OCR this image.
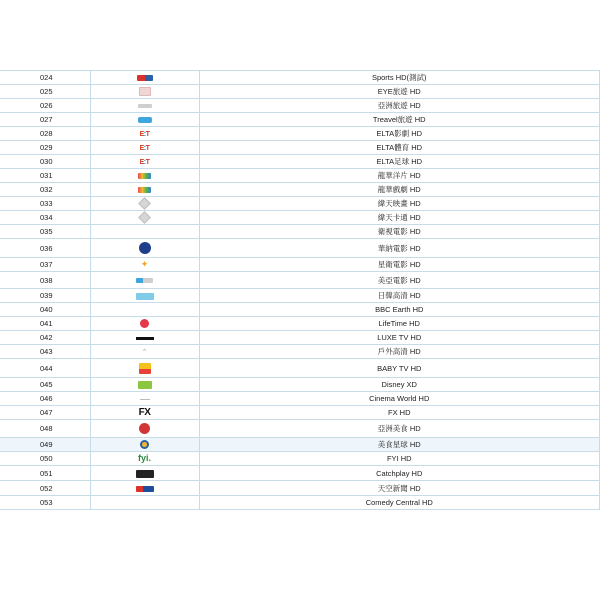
024		Sports HD(測試)
025		EYE旅遊 HD
026		亞洲旅遊 HD
027		Treavel旅遊 HD
028	E:T	ELTA影劇 HD
029	E:T	ELTA體育 HD
030	E:T	ELTA足球 HD
031		龍華洋片 HD
032		龍華戲劇 HD
033		緯天映畫 HD
034		緯天卡通 HD
035		衛視電影 HD
036		華納電影 HD
037	✦	星衛電影 HD
038		美亞電影 HD
039		日韓高清 HD
040		BBC Earth HD
041		LifeTime HD
042		LUXE TV HD
043	^	戶外高清 HD
044		BABY TV HD
045		Disney XD
046		Cinema World HD
047	FX	FX HD
048		亞洲美食 HD
049		美食星球 HD
050	fyi.	FYI HD
051		Catchplay HD
052		天空新聞 HD
053		Comedy Central HD
